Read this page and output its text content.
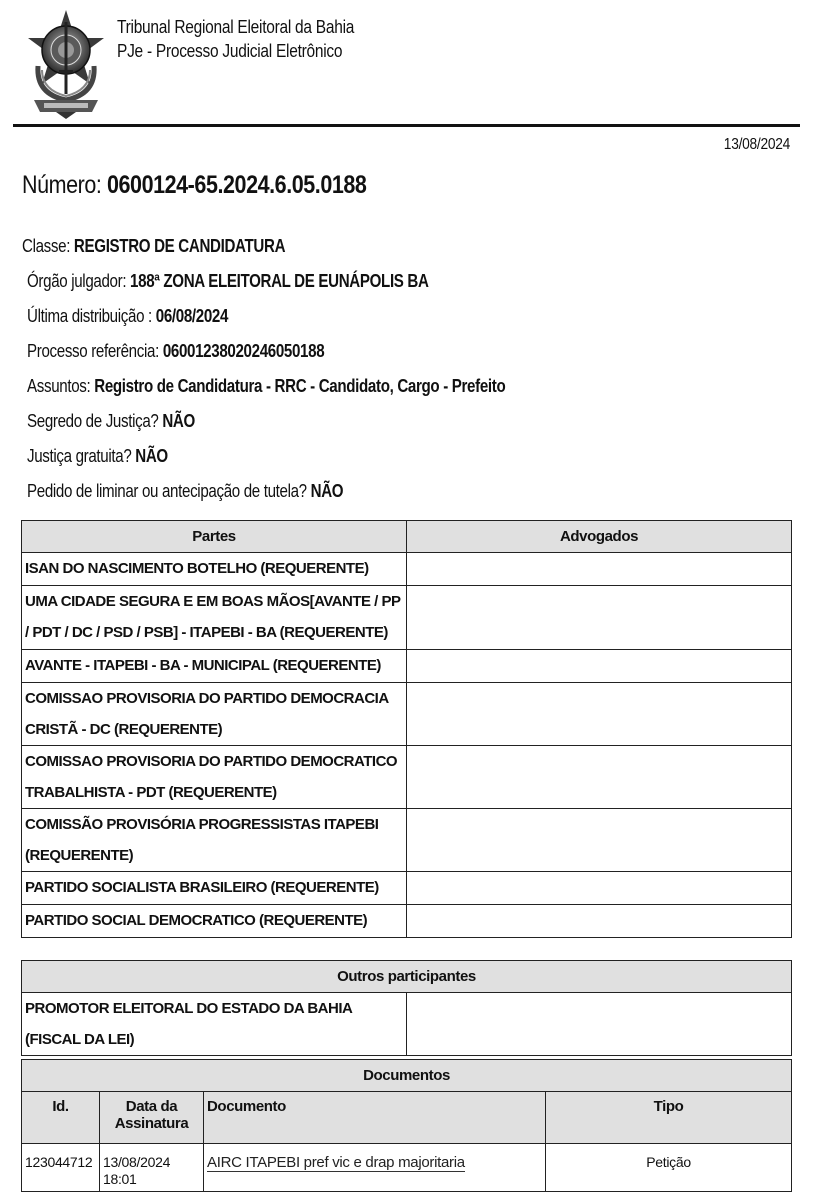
Tribunal Regional Eleitoral da Bahia
PJe - Processo Judicial Eletrônico
13/08/2024
Número: 0600124-65.2024.6.05.0188
Classe: REGISTRO DE CANDIDATURA
Órgão julgador: 188ª ZONA ELEITORAL DE EUNÁPOLIS BA
Última distribuição : 06/08/2024
Processo referência: 06001238020246050188
Assuntos: Registro de Candidatura - RRC - Candidato, Cargo - Prefeito
Segredo de Justiça? NÃO
Justiça gratuita? NÃO
Pedido de liminar ou antecipação de tutela? NÃO
Partes	Advogados
ISAN DO NASCIMENTO BOTELHO (REQUERENTE)	
UMA CIDADE SEGURA E EM BOAS MÃOS[AVANTE / PP / PDT / DC / PSD / PSB] - ITAPEBI - BA (REQUERENTE)	
AVANTE - ITAPEBI - BA - MUNICIPAL (REQUERENTE)	
COMISSAO PROVISORIA DO PARTIDO DEMOCRACIA CRISTÃ - DC (REQUERENTE)	
COMISSAO PROVISORIA DO PARTIDO DEMOCRATICO TRABALHISTA - PDT (REQUERENTE)	
COMISSÃO PROVISÓRIA PROGRESSISTAS ITAPEBI (REQUERENTE)	
PARTIDO SOCIALISTA BRASILEIRO (REQUERENTE)	
PARTIDO SOCIAL DEMOCRATICO (REQUERENTE)	
Outros participantes
PROMOTOR ELEITORAL DO ESTADO DA BAHIA (FISCAL DA LEI)	
Documentos			
Id.	Data da Assinatura	Documento	Tipo
123044712	13/08/2024 18:01	AIRC ITAPEBI pref vic e drap majoritaria	Petição
